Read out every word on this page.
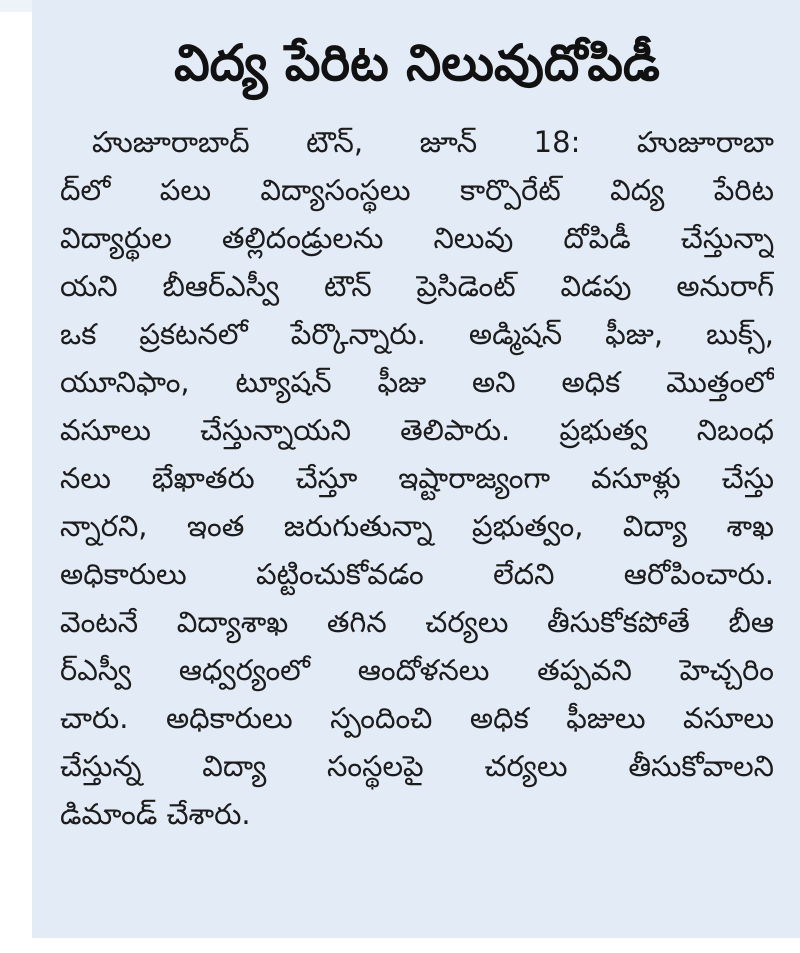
విద్య పేరిట నిలువుదోపిడీ
హుజూరాబాద్ టౌన్, జూన్ 18: హుజూరాబా
ద్‌లో పలు విద్యాసంస్థలు కార్పొరేట్ విద్య పేరిట
విద్యార్థుల తల్లిదండ్రులను నిలువు దోపిడీ చేస్తున్నా
యని బీఆర్‌ఎస్వీ టౌన్ ప్రెసిడెంట్ విడపు అనురాగ్
ఒక ప్రకటనలో పేర్కొన్నారు. అడ్మిషన్ ఫీజు, బుక్స్,
యూనిఫాం, ట్యూషన్ ఫీజు అని అధిక మొత్తంలో
వసూలు చేస్తున్నాయని తెలిపారు. ప్రభుత్వ నిబంధ
నలు భేఖాతరు చేస్తూ ఇష్టారాజ్యంగా వసూళ్లు చేస్తు
న్నారని, ఇంత జరుగుతున్నా ప్రభుత్వం, విద్యా శాఖ
అధికారులు పట్టించుకోవడం లేదని ఆరోపించారు.
వెంటనే విద్యాశాఖ తగిన చర్యలు తీసుకోకపోతే బీఆ
ర్‌ఎస్వీ ఆధ్వర్యంలో ఆందోళనలు తప్పవని హెచ్చరిం
చారు. అధికారులు స్పందించి అధిక ఫీజులు వసూలు
చేస్తున్న విద్యా సంస్థలపై చర్యలు తీసుకోవాలని
డిమాండ్ చేశారు.
